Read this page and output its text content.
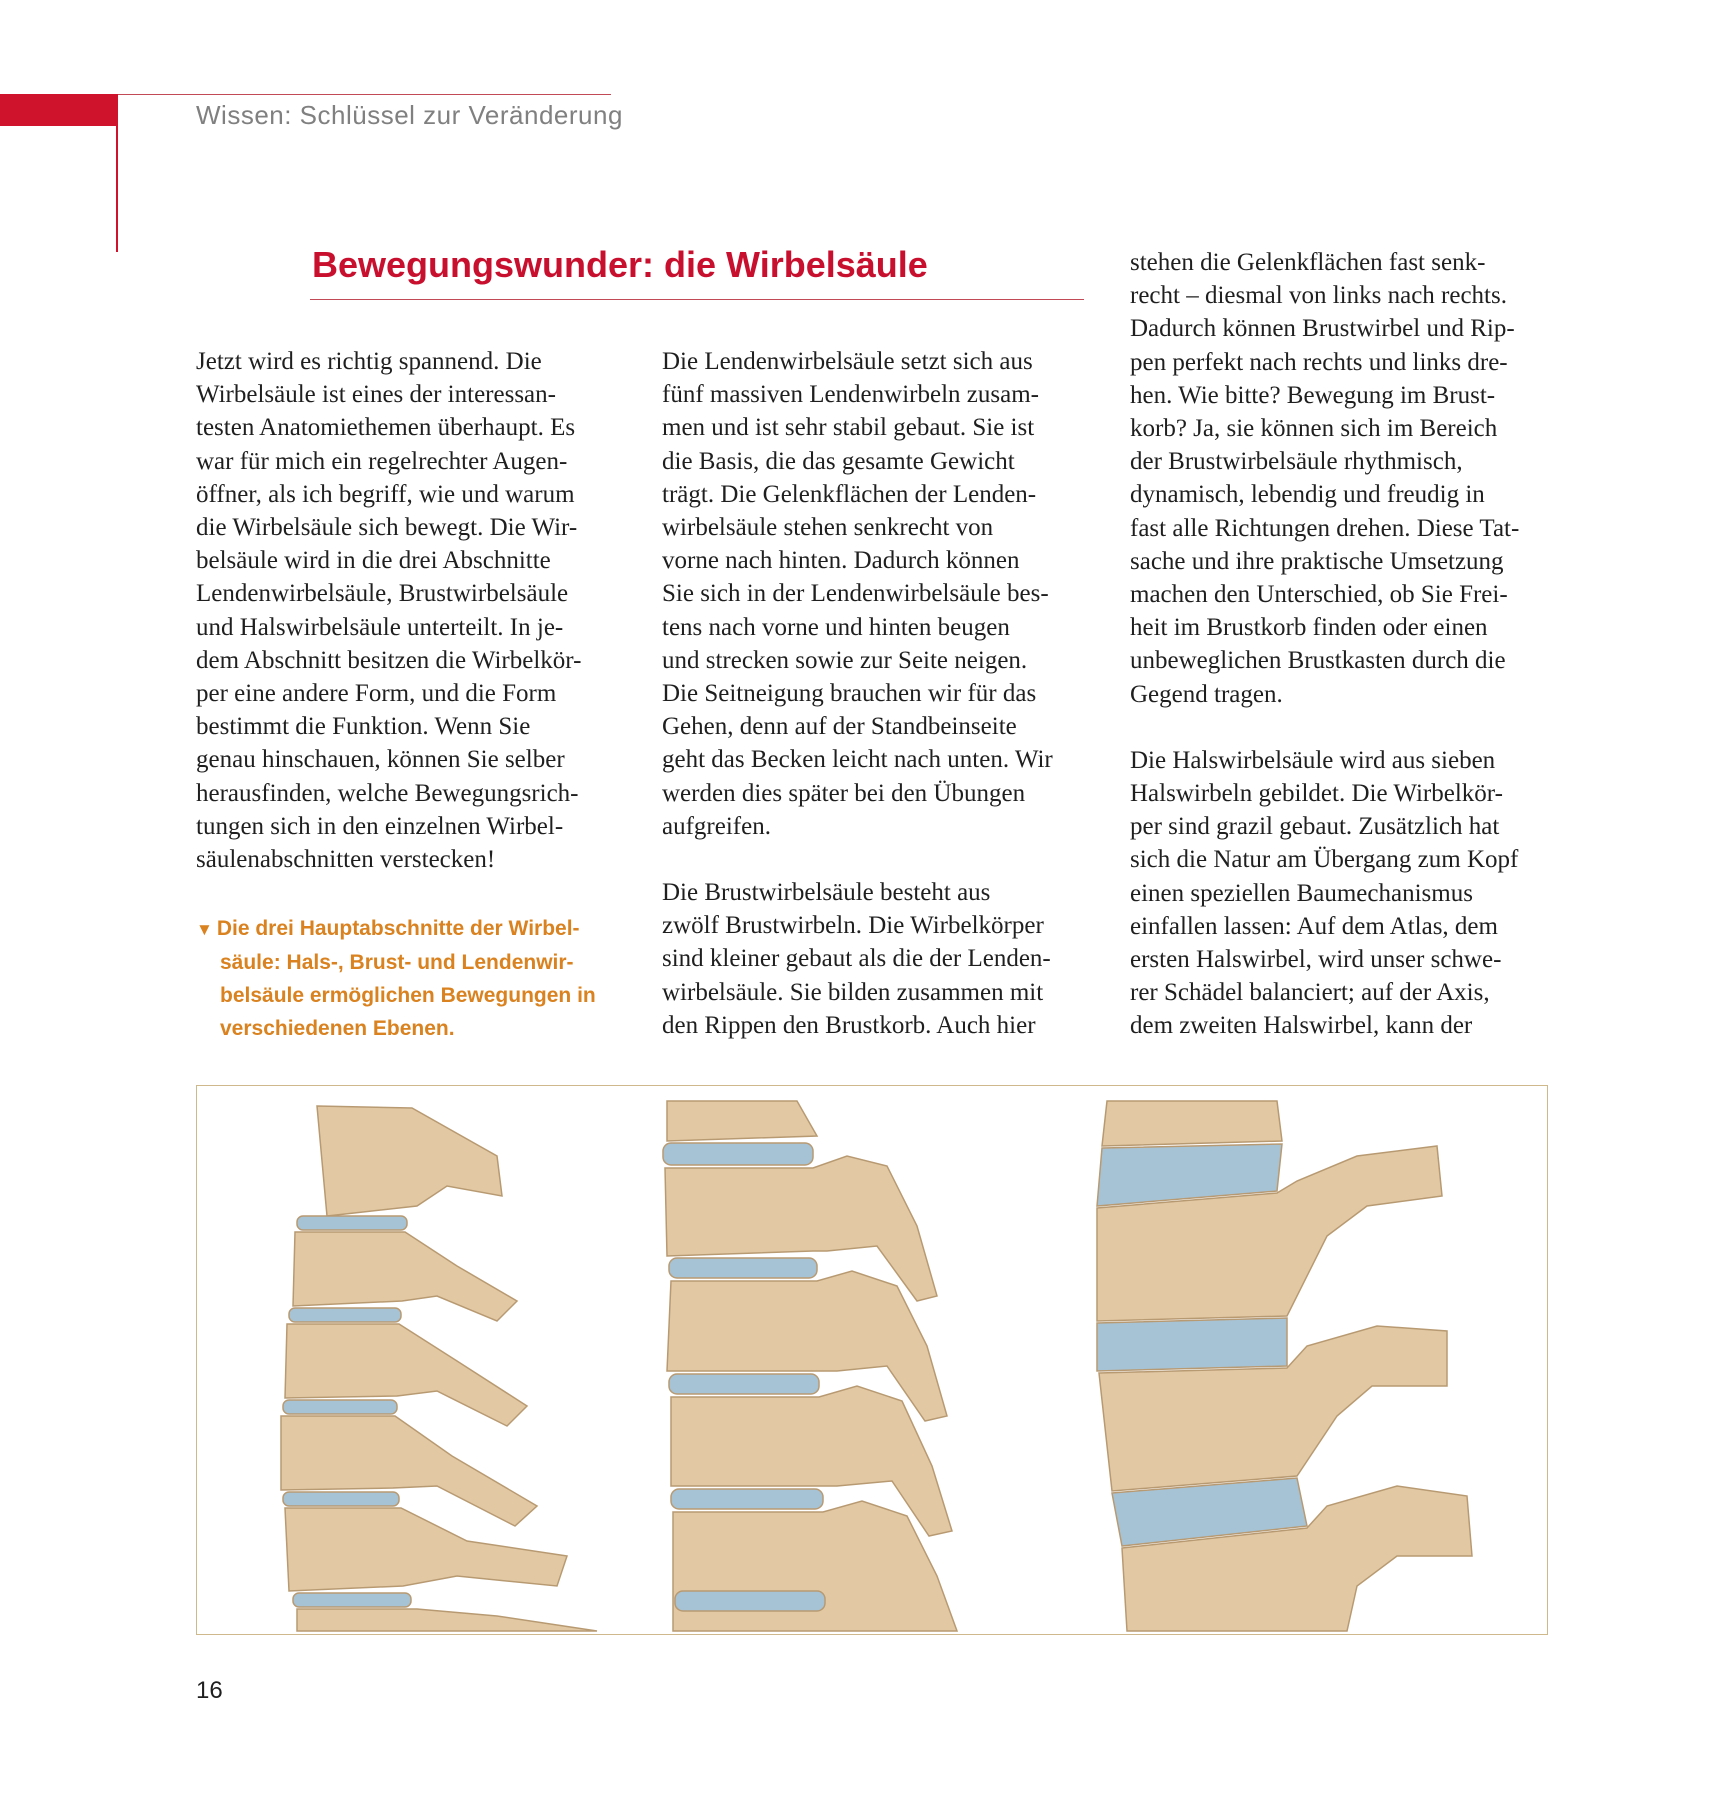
Wissen: Schlüssel zur Veränderung

Bewegungswunder: die Wirbelsäule

Jetzt wird es richtig spannend. Die

Wirbelsäule ist eines der interessan-

testen Anatomiethemen überhaupt. Es

war für mich ein regelrechter Augen-

öffner, als ich begriff, wie und warum

die Wirbelsäule sich bewegt. Die Wir-

belsäule wird in die drei Abschnitte

Lendenwirbelsäule, Brustwirbelsäule

und Halswirbelsäule unterteilt. In je-

dem Abschnitt besitzen die Wirbelkör-

per eine andere Form, und die Form

bestimmt die Funktion. Wenn Sie

genau hinschauen, können Sie selber

herausfinden, welche Bewegungsrich-

tungen sich in den einzelnen Wirbel-

säulenabschnitten verstecken!

▼ Die drei Hauptabschnitte der Wirbel-

säule: Hals-, Brust- und Lendenwir-

belsäule ermöglichen Bewegungen in

verschiedenen Ebenen.

Die Lendenwirbelsäule setzt sich aus

fünf massiven Lendenwirbeln zusam-

men und ist sehr stabil gebaut. Sie ist

die Basis, die das gesamte Gewicht

trägt. Die Gelenkflächen der Lenden-

wirbelsäule stehen senkrecht von

vorne nach hinten. Dadurch können

Sie sich in der Lendenwirbelsäule bes-

tens nach vorne und hinten beugen

und strecken sowie zur Seite neigen.

Die Seitneigung brauchen wir für das

Gehen, denn auf der Standbeinseite

geht das Becken leicht nach unten. Wir

werden dies später bei den Übungen

aufgreifen.

Die Brustwirbelsäule besteht aus

zwölf Brustwirbeln. Die Wirbelkörper

sind kleiner gebaut als die der Lenden-

wirbelsäule. Sie bilden zusammen mit

den Rippen den Brustkorb. Auch hier

stehen die Gelenkflächen fast senk-

recht – diesmal von links nach rechts.

Dadurch können Brustwirbel und Rip-

pen perfekt nach rechts und links dre-

hen. Wie bitte? Bewegung im Brust-

korb? Ja, sie können sich im Bereich

der Brustwirbelsäule rhythmisch,

dynamisch, lebendig und freudig in

fast alle Richtungen drehen. Diese Tat-

sache und ihre praktische Umsetzung

machen den Unterschied, ob Sie Frei-

heit im Brustkorb finden oder einen

unbeweglichen Brustkasten durch die

Gegend tragen.

Die Halswirbelsäule wird aus sieben

Halswirbeln gebildet. Die Wirbelkör-

per sind grazil gebaut. Zusätzlich hat

sich die Natur am Übergang zum Kopf

einen speziellen Baumechanismus

einfallen lassen: Auf dem Atlas, dem

ersten Halswirbel, wird unser schwe-

rer Schädel balanciert; auf der Axis,

dem zweiten Halswirbel, kann der

16
